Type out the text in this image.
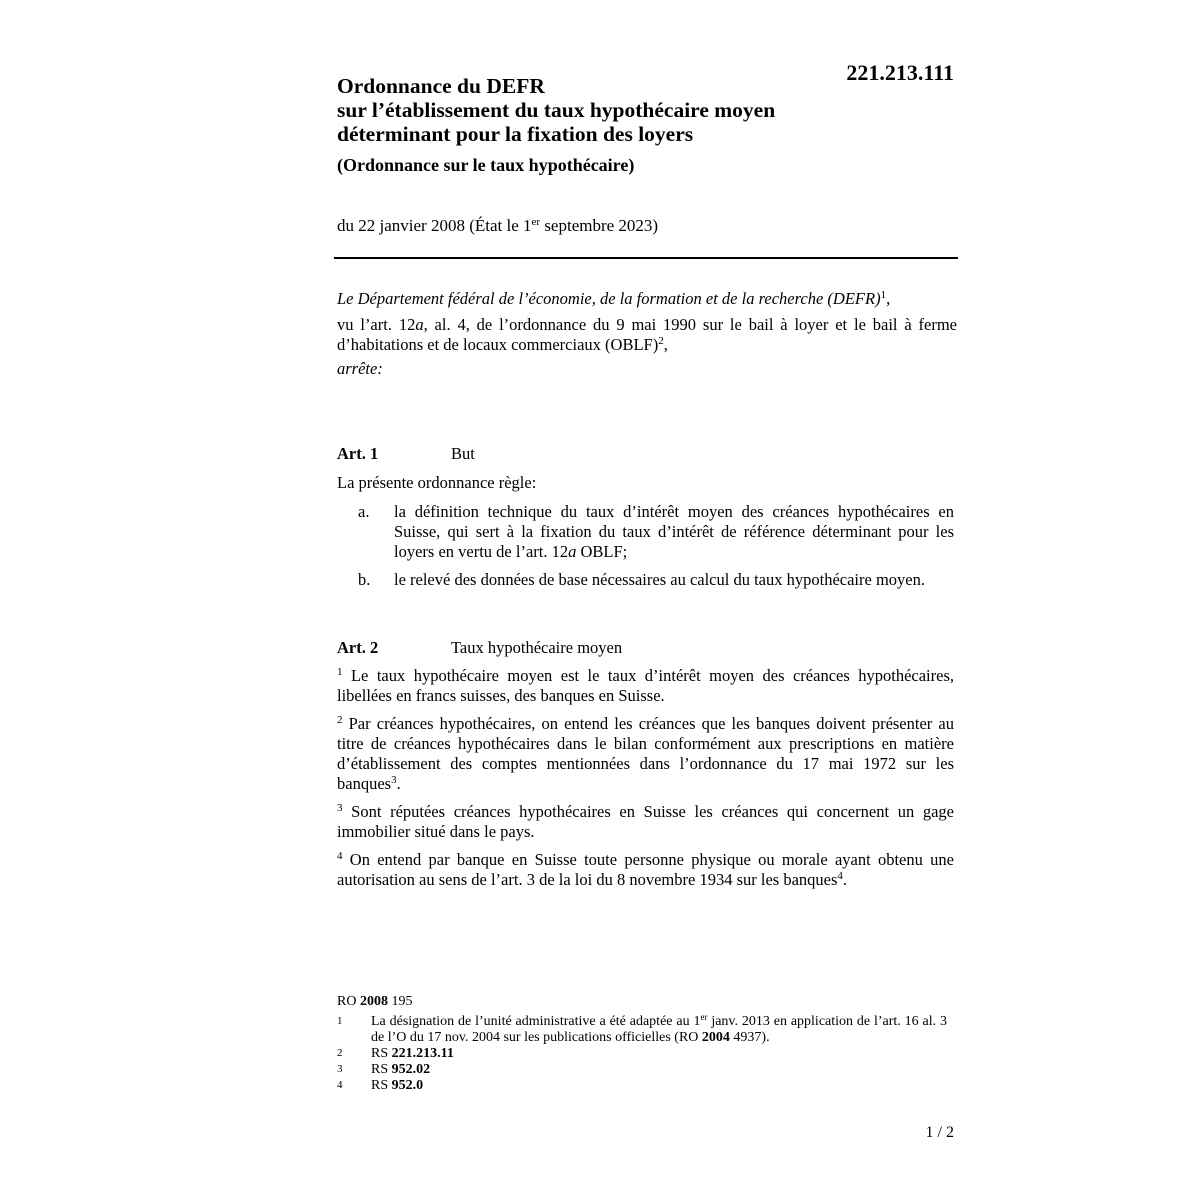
221.213.111
Ordonnance du DEFR
sur l’établissement du taux hypothécaire moyen
déterminant pour la fixation des loyers
(Ordonnance sur le taux hypothécaire)
du 22 janvier 2008 (État le 1er septembre 2023)

Le Département fédéral de l’économie, de la formation et de la recherche (DEFR)$^1$,

vu l’art. 12a, al. 4, de l’ordonnance du 9 mai 1990 sur le bail à loyer et le bail à ferme d’habitations et de locaux commerciaux (OBLF)$^2$,

arrête:

Art. 1	But

La présente ordonnance règle:

a.	la définition technique du taux d’intérêt moyen des créances hypothécaires en Suisse, qui sert à la fixation du taux d’intérêt de référence déterminant pour les loyers en vertu de l’art. 12a OBLF;
b.	le relevé des données de base nécessaires au calcul du taux hypothécaire moyen.
Art. 2	Taux hypothécaire moyen

$^1$ Le taux hypothécaire moyen est le taux d’intérêt moyen des créances hypothécaires, libellées en francs suisses, des banques en Suisse.

$^2$ Par créances hypothécaires, on entend les créances que les banques doivent présenter au titre de créances hypothécaires dans le bilan conformément aux prescriptions en matière d’établissement des comptes mentionnées dans l’ordonnance du 17 mai 1972 sur les banques$^3$.

$^3$ Sont réputées créances hypothécaires en Suisse les créances qui concernent un gage immobilier situé dans le pays.

$^4$ On entend par banque en Suisse toute personne physique ou morale ayant obtenu une autorisation au sens de l’art. 3 de la loi du 8 novembre 1934 sur les banques$^4$.

RO 2008 195
1	La désignation de l’unité administrative a été adaptée au 1er janv. 2013 en application de l’art. 16 al. 3 de l’O du 17 nov. 2004 sur les publications officielles (RO 2004 4937).
2	RS 221.213.11
3	RS 952.02
4	RS 952.0
1 / 2
